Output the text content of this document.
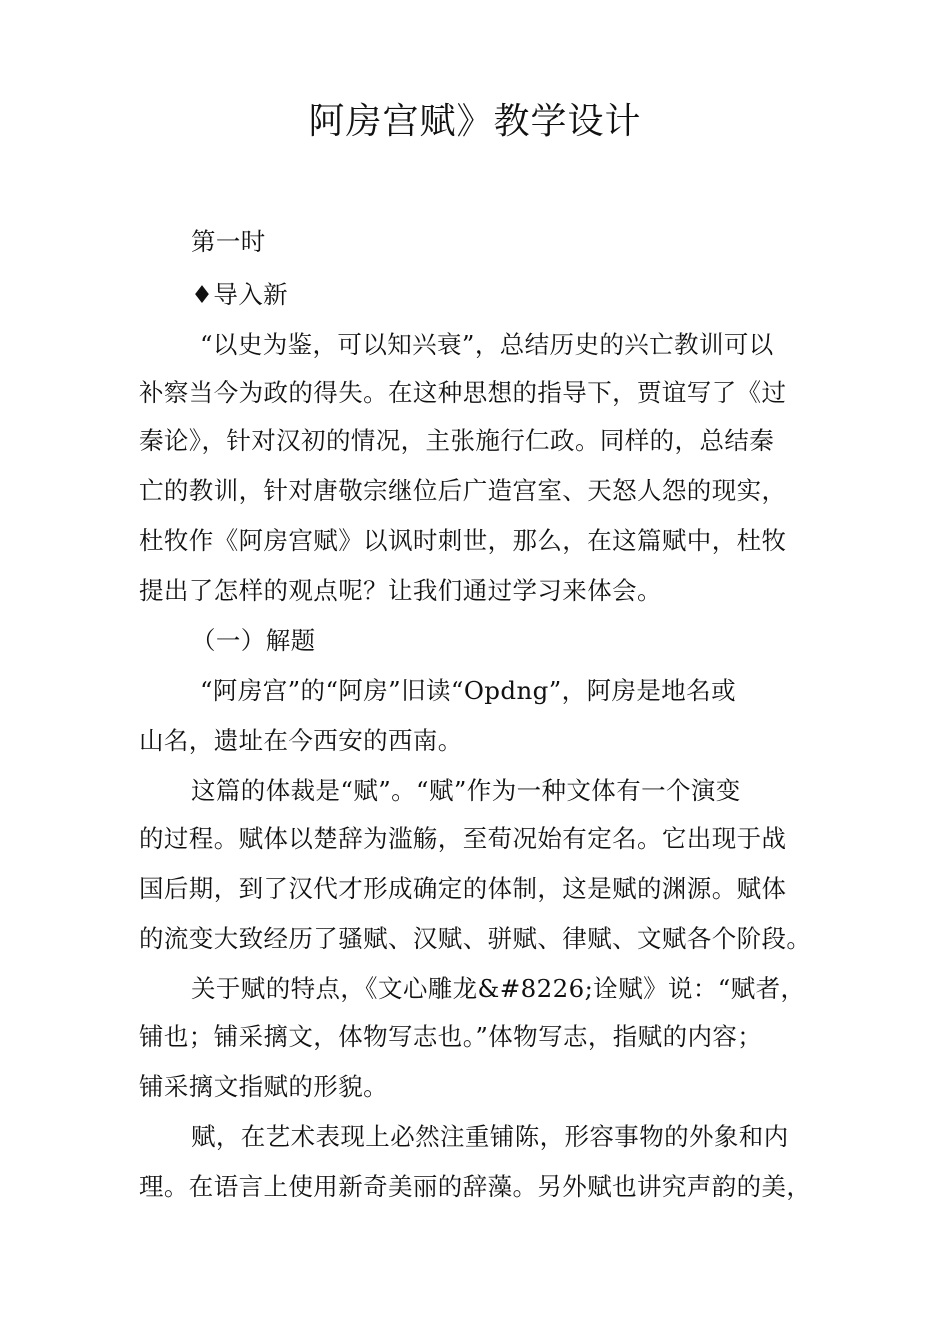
阿房宫赋》教学设计
第一时
♦导入新
“以史为鉴，可以知兴衰”，总结历史的兴亡教训可以
补察当今为政的得失。在这种思想的指导下，贾谊写了《过
秦论》，针对汉初的情况，主张施行仁政。同样的，总结秦
亡的教训，针对唐敬宗继位后广造宫室、天怒人怨的现实，
杜牧作《阿房宫赋》以讽时刺世，那么，在这篇赋中，杜牧
提出了怎样的观点呢？让我们通过学习来体会。
（一）解题
“阿房宫”的“阿房”旧读“Opdng”，阿房是地名或
山名，遗址在今西安的西南。
这篇的体裁是“赋”。“赋”作为一种文体有一个演变
的过程。赋体以楚辞为滥觞，至荀况始有定名。它出现于战
国后期，到了汉代才形成确定的体制，这是赋的渊源。赋体
的流变大致经历了骚赋、汉赋、骈赋、律赋、文赋各个阶段。
关于赋的特点，《文心雕龙&#8226;诠赋》说：“赋者，
铺也；铺采摛文，体物写志也。”体物写志，指赋的内容；
铺采摛文指赋的形貌。
赋，在艺术表现上必然注重铺陈，形容事物的外象和内
理。在语言上使用新奇美丽的辞藻。另外赋也讲究声韵的美，
